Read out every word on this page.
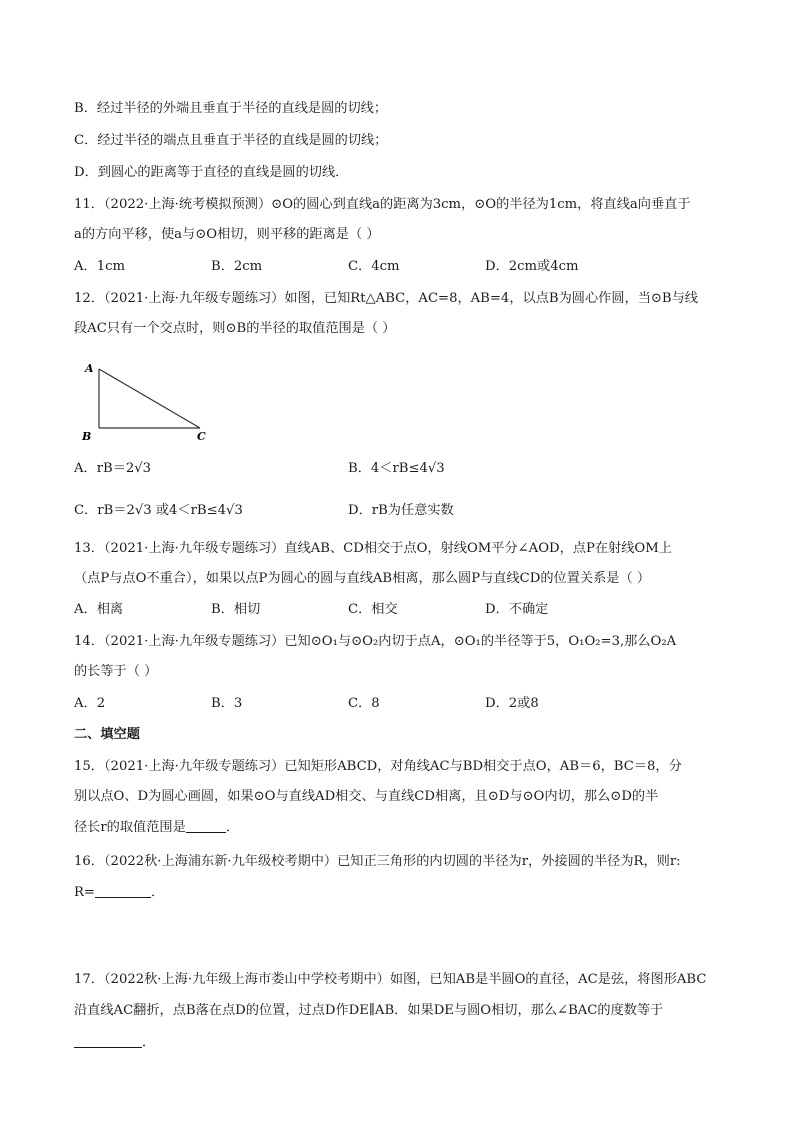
B．经过半径的外端且垂直于半径的直线是圆的切线；
C．经过半径的端点且垂直于半径的直线是圆的切线；
D．到圆心的距离等于直径的直线是圆的切线．
11．（2022·上海·统考模拟预测）⊙O的圆心到直线a的距离为3cm，⊙O的半径为1cm，将直线a向垂直于
a的方向平移，使a与⊙O相切，则平移的距离是（ ）
A．1cm	B．2cm	C．4cm	D．2cm或4cm
12．（2021·上海·九年级专题练习）如图，已知Rt△ABC，AC=8，AB=4，以点B为圆心作圆，当⊙B与线
段AC只有一个交点时，则⊙B的半径的取值范围是（ ）
A
B	C
A．rB＝2√3	B．4＜rB≤4√3
C．rB＝2√3 或4＜rB≤4√3	D．rB为任意实数
13．（2021·上海·九年级专题练习）直线AB、CD相交于点O，射线OM平分∠AOD，点P在射线OM上
（点P与点O不重合），如果以点P为圆心的圆与直线AB相离，那么圆P与直线CD的位置关系是（ ）
A．相离	B．相切	C．相交	D．不确定
14．（2021·上海·九年级专题练习）已知⊙O₁与⊙O₂内切于点A，⊙O₁的半径等于5，O₁O₂=3,那么O₂A
的长等于（ ）
A．2	B．3	C．8	D．2或8
二、填空题
15．（2021·上海·九年级专题练习）已知矩形ABCD，对角线AC与BD相交于点O，AB＝6，BC＝8，分
别以点O、D为圆心画圆，如果⊙O与直线AD相交、与直线CD相离，且⊙D与⊙O内切，那么⊙D的半
径长r的取值范围是	．
16．（2022秋·上海浦东新·九年级校考期中）已知正三角形的内切圆的半径为r，外接圆的半径为R，则r:
R=	．
17．（2022秋·上海·九年级上海市娄山中学校考期中）如图，已知AB是半圆O的直径，AC是弦，将图形ABC
沿直线AC翻折，点B落在点D的位置，过点D作DE∥AB．如果DE与圆O相切，那么∠BAC的度数等于
．
